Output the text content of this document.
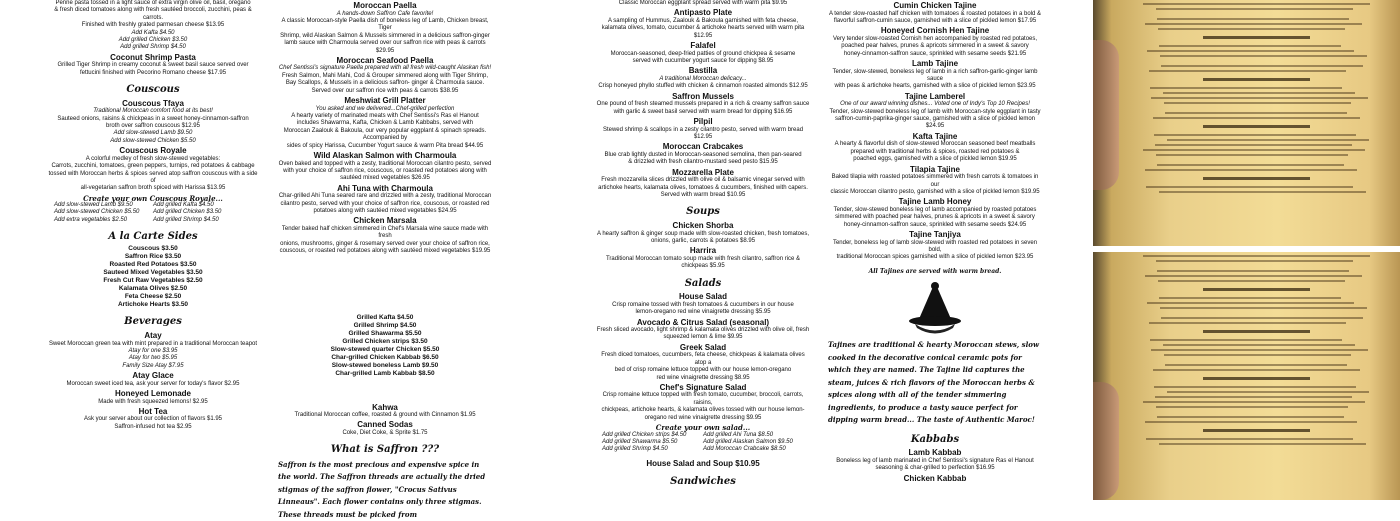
Penne pasta tossed in a light sauce of extra virgin olive oil, basil, oregano
& fresh diced tomatoes along with fresh sautéed broccoli, zucchini, peas & carrots.
Finished with freshly grated parmesan cheese $13.95
Add Kafta $4.50
Add grilled Chicken $3.50
Add grilled Shrimp $4.50
Coconut Shrimp Pasta
Grilled Tiger Shrimp in creamy coconut & sweet basil sauce served over
fettucini finished with Pecorino Romano cheese $17.95
Couscous
Couscous Tfaya
Traditional Moroccan comfort food at its best!
Sauteed onions, raisins & chickpeas in a sweet honey-cinnamon-saffron
broth over saffron couscous $12.95
Add slow-stewed Lamb $9.50
Add slow-stewed Chicken $5.50
Couscous Royale
A colorful medley of fresh slow-stewed vegetables:
Carrots, zucchini, tomatoes, green peppers, turnips, red potatoes & cabbage
tossed with Moroccan herbs & spices served atop saffron couscous with a side of
all-vegetarian saffron broth spiced with Harissa $13.95
Create your own Couscous Royale...
Add slow-stewed Lamb $9.50	Add grilled Kafta $4.50
Add slow-stewed Chicken $5.50	Add grilled Chicken $3.50
Add extra vegetables $2.50	Add grilled Shrimp $4.50
A la Carte Sides
Couscous $3.50
Saffron Rice $3.50
Roasted Red Potatoes $3.50
Sauteed Mixed Vegetables $3.50
Fresh Cut Raw Vegetables $2.50
Kalamata Olives $2.50
Feta Cheese $2.50
Artichoke Hearts $3.50
Beverages
Atay
Sweet Moroccan green tea with mint prepared in a traditional Moroccan teapot
Atay for one $3.95
Atay for two $5.95
Family Size Atay $7.95
Atay Glace
Moroccan sweet iced tea, ask your server for today's flavor $2.95
Honeyed Lemonade
Made with fresh squeezed lemons! $2.95
Hot Tea
Ask your server about our collection of flavors $1.95
Saffron-infused hot tea $2.95
Moroccan Paella
A hands-down Saffron Cafe favorite!
A classic Moroccan-style Paella dish of boneless leg of Lamb, Chicken breast, Tiger
Shrimp, wild Alaskan Salmon & Mussels simmered in a delicious saffron-ginger
lamb sauce with Charmoula served over our saffron rice with peas & carrots $29.95
Moroccan Seafood Paella
Chef Sentissi's signature Paella prepared with all fresh wild-caught Alaskan fish!
Fresh Salmon, Mahi Mahi, Cod & Grouper simmered along with Tiger Shrimp,
Bay Scallops, & Mussels in a delicious saffron- ginger & Charmoula sauce.
Served over our saffron rice with peas & carrots $38.95
Meshwiat Grill Platter
You asked and we delivered...Chef-grilled perfection
A hearty variety of marinated meats with Chef Sentissi's Ras el Hanout
includes Shawarma, Kafta, Chicken & Lamb Kabbabs, served with
Moroccan Zaalouk & Bakoula, our very popular eggplant & spinach spreads. Accompanied by
sides of spicy Harissa, Cucumber Yogurt sauce & warm Pita bread $44.95
Wild Alaskan Salmon with Charmoula
Oven baked and topped with a zesty, traditional Moroccan cilantro pesto, served
with your choice of saffron rice, couscous, or roasted red potatoes along with
sautéed mixed vegetables $26.95
Ahi Tuna with Charmoula
Char-grilled Ahi Tuna seared rare and drizzled with a zesty, traditional Moroccan
cilantro pesto, served with your choice of saffron rice, couscous, or roasted red
potatoes along with sautéed mixed vegetables $24.95
Chicken Marsala
Tender baked half chicken simmered in Chef's Marsala wine sauce made with fresh
onions, mushrooms, ginger & rosemary served over your choice of saffron rice,
couscous, or roasted red potatoes along with sautéed mixed vegetables $19.95
Grilled Kafta $4.50
Grilled Shrimp $4.50
Grilled Shawarma $5.50
Grilled Chicken strips $3.50
Slow-stewed quarter Chicken $5.50
Char-grilled Chicken Kabbab $6.50
Slow-stewed boneless Lamb $9.50
Char-grilled Lamb Kabbab $8.50
Kahwa
Traditional Moroccan coffee, roasted & ground with Cinnamon $1.95
Canned Sodas
Coke, Diet Coke, & Sprite $1.75
What is Saffron ???
Saffron is the most precious and expensive spice in the world. The Saffron threads are actually the dried stigmas of the saffron flower, "Crocus Sativus Linneaus". Each flower contains only three stigmas. These threads must be picked from
Classic Moroccan eggplant spread served with warm pita $9.95
Antipasto Plate
A sampling of Hummus, Zaalouk & Bakoula garnished with feta cheese,
kalamata olives, tomato, cucumber & artichoke hearts served with warm pita $12.95
Falafel
Moroccan-seasoned, deep-fried patties of ground chickpea & sesame
served with cucumber yogurt sauce for dipping $8.95
Bastilla
A traditional Moroccan delicacy...
Crisp honeyed phyllo stuffed with chicken & cinnamon roasted almonds $12.95
Saffron Mussels
One pound of fresh steamed mussels prepared in a rich & creamy saffron sauce
with garlic & sweet basil served with warm bread for dipping $16.95
Pilpil
Stewed shrimp & scallops in a zesty cilantro pesto, served with warm bread $12.95
Moroccan Crabcakes
Blue crab lightly dusted in Moroccan-seasoned semolina, then pan-seared
& drizzled with fresh cilantro-mustard seed pesto $15.95
Mozzarella Plate
Fresh mozzarella slices drizzled with olive oil & balsamic vinegar served with
artichoke hearts, kalamata olives, tomatoes & cucumbers, finished with capers.
Served with warm bread $10.95
Soups
Chicken Shorba
A hearty saffron & ginger soup made with slow-roasted chicken, fresh tomatoes,
onions, garlic, carrots & potatoes $8.95
Harrira
Traditional Moroccan tomato soup made with fresh cilantro, saffron rice & chickpeas $5.95
Salads
House Salad
Crisp romaine tossed with fresh tomatoes & cucumbers in our house
lemon-oregano red wine vinaigrette dressing $5.95
Avocado & Citrus Salad (seasonal)
Fresh sliced avocado, light shrimp & kalamata olives drizzled with olive oil, fresh
squeezed lemon & lime $9.95
Greek Salad
Fresh diced tomatoes, cucumbers, feta cheese, chickpeas & kalamata olives atop a
bed of crisp romaine lettuce topped with our house lemon-oregano
red wine vinaigrette dressing $8.95
Chef's Signature Salad
Crisp romaine lettuce topped with fresh tomato, cucumber, broccoli, carrots, raisins,
chickpeas, artichoke hearts, & kalamata olives tossed with our house lemon-
oregano red wine vinaigrette dressing $9.95
Create your own salad...
Add grilled Chicken strips $4.50	Add grilled Ahi Tuna $8.50
Add grilled Shawarma $5.50	Add grilled Alaskan Salmon $9.50
Add grilled Shrimp $4.50	Add Moroccan Crabcake $8.50
House Salad and Soup $10.95
Sandwiches
Cumin Chicken Tajine
A tender slow-roasted half chicken with tomatoes & roasted potatoes in a bold &
flavorful saffron-cumin sauce, garnished with a slice of pickled lemon $17.95
Honeyed Cornish Hen Tajine
Very tender slow-roasted Cornish hen accompanied by roasted red potatoes,
poached pear halves, prunes & apricots simmered in a sweet & savory
honey-cinnamon-saffron sauce, sprinkled with sesame seeds $21.95
Lamb Tajine
Tender, slow-stewed, boneless leg of lamb in a rich saffron-garlic-ginger lamb sauce
with peas & artichoke hearts, garnished with a slice of pickled lemon $23.95
Tajine Lamberel
One of our award winning dishes... Voted one of Indy's Top 10 Recipes!
Tender, slow-stewed boneless leg of lamb with Moroccan-style eggplant in tasty
saffron-cumin-paprika-ginger sauce, garnished with a slice of pickled lemon $24.95
Kafta Tajine
A hearty & flavorful dish of slow-stewed Moroccan seasoned beef meatballs
prepared with traditional herbs & spices, roasted red potatoes &
poached eggs, garnished with a slice of pickled lemon $19.95
Tilapia Tajine
Baked tilapia with roasted potatoes simmered with fresh carrots & tomatoes in our
classic Moroccan cilantro pesto, garnished with a slice of pickled lemon $19.95
Tajine Lamb Honey
Tender, slow-stewed boneless leg of lamb accompanied by roasted potatoes
simmered with poached pear halves, prunes & apricots in a sweet & savory
honey-cinnamon-saffron sauce, sprinkled with sesame seeds $24.95
Tajine Tanjiya
Tender, boneless leg of lamb slow-stewed with roasted red potatoes in seven bold,
traditional Moroccan spices garnished with a slice of pickled lemon $23.95
All Tajines are served with warm bread.
Tajines are traditional & hearty Moroccan stews, slow cooked in the decorative conical ceramic pots for which they are named. The Tajine lid captures the steam, juices & rich flavors of the Moroccan herbs & spices along with all of the tender simmering ingredients, to produce a tasty sauce perfect for dipping warm bread... The taste of Authentic Maroc!
Kabbabs
Lamb Kabbab
Boneless leg of lamb marinated in Chef Sentissi's signature Ras el Hanout
seasoning & char-grilled to perfection $16.95
Chicken Kabbab
